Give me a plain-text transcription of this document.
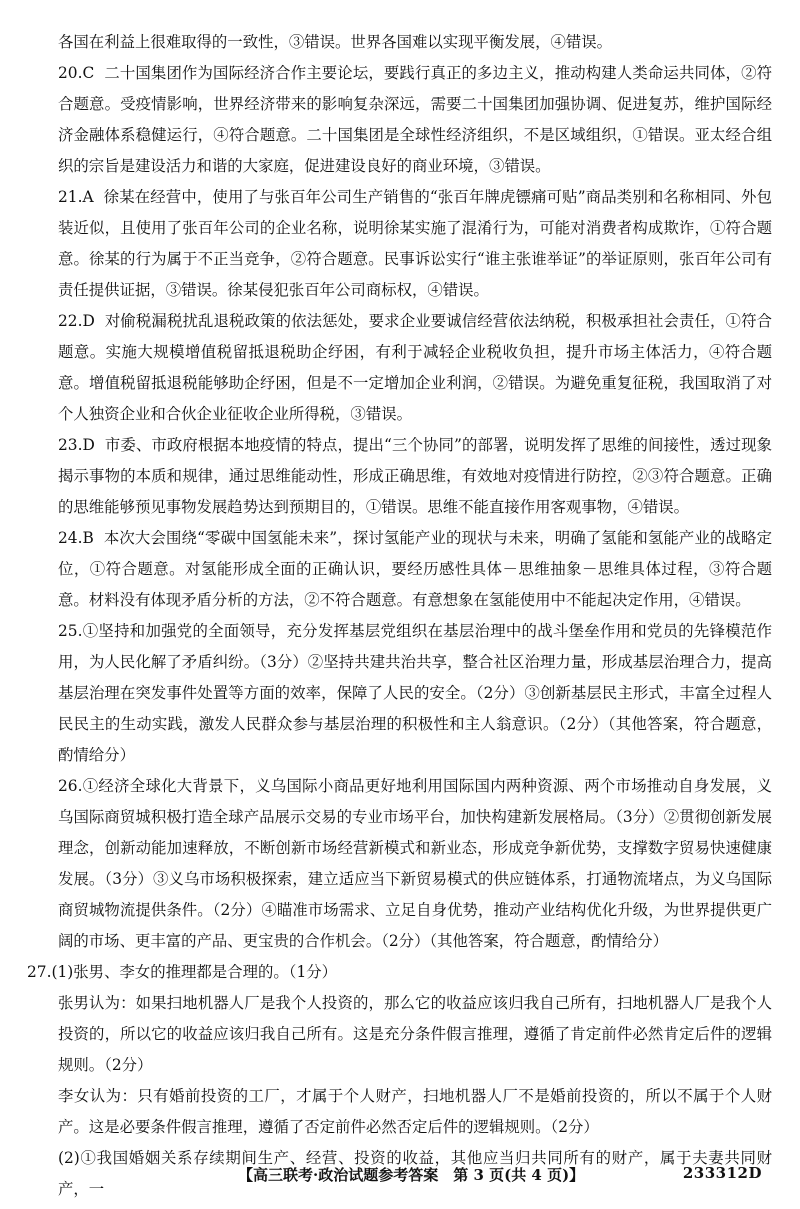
各国在利益上很难取得的一致性，③错误。世界各国难以实现平衡发展，④错误。

20.C 二十国集团作为国际经济合作主要论坛，要践行真正的多边主义，推动构建人类命运共同体，②符合题意。受疫情影响，世界经济带来的影响复杂深远，需要二十国集团加强协调、促进复苏，维护国际经济金融体系稳健运行，④符合题意。二十国集团是全球性经济组织，不是区域组织，①错误。亚太经合组织的宗旨是建设活力和谐的大家庭，促进建设良好的商业环境，③错误。

21.A 徐某在经营中，使用了与张百年公司生产销售的“张百年牌虎镖痛可贴”商品类别和名称相同、外包装近似，且使用了张百年公司的企业名称，说明徐某实施了混淆行为，可能对消费者构成欺诈，①符合题意。徐某的行为属于不正当竞争，②符合题意。民事诉讼实行“谁主张谁举证”的举证原则，张百年公司有责任提供证据，③错误。徐某侵犯张百年公司商标权，④错误。

22.D 对偷税漏税扰乱退税政策的依法惩处，要求企业要诚信经营依法纳税，积极承担社会责任，①符合题意。实施大规模增值税留抵退税助企纾困，有利于减轻企业税收负担，提升市场主体活力，④符合题意。增值税留抵退税能够助企纾困，但是不一定增加企业利润，②错误。为避免重复征税，我国取消了对个人独资企业和合伙企业征收企业所得税，③错误。

23.D 市委、市政府根据本地疫情的特点，提出“三个协同”的部署，说明发挥了思维的间接性，透过现象揭示事物的本质和规律，通过思维能动性，形成正确思维，有效地对疫情进行防控，②③符合题意。正确的思维能够预见事物发展趋势达到预期目的，①错误。思维不能直接作用客观事物，④错误。

24.B 本次大会围绕“零碳中国氢能未来”，探讨氢能产业的现状与未来，明确了氢能和氢能产业的战略定位，①符合题意。对氢能形成全面的正确认识，要经历感性具体－思维抽象－思维具体过程，③符合题意。材料没有体现矛盾分析的方法，②不符合题意。有意想象在氢能使用中不能起决定作用，④错误。

25.①坚持和加强党的全面领导，充分发挥基层党组织在基层治理中的战斗堡垒作用和党员的先锋模范作用，为人民化解了矛盾纠纷。（3分）②坚持共建共治共享，整合社区治理力量，形成基层治理合力，提高基层治理在突发事件处置等方面的效率，保障了人民的安全。（2分）③创新基层民主形式，丰富全过程人民民主的生动实践，激发人民群众参与基层治理的积极性和主人翁意识。（2分）（其他答案，符合题意，酌情给分）

26.①经济全球化大背景下，义乌国际小商品更好地利用国际国内两种资源、两个市场推动自身发展，义乌国际商贸城积极打造全球产品展示交易的专业市场平台，加快构建新发展格局。（3分）②贯彻创新发展理念，创新动能加速释放，不断创新市场经营新模式和新业态，形成竞争新优势，支撑数字贸易快速健康发展。（3分）③义乌市场积极探索，建立适应当下新贸易模式的供应链体系，打通物流堵点，为义乌国际商贸城物流提供条件。（2分）④瞄准市场需求、立足自身优势，推动产业结构优化升级，为世界提供更广阔的市场、更丰富的产品、更宝贵的合作机会。（2分）（其他答案，符合题意，酌情给分）

27.(1)张男、李女的推理都是合理的。（1分）

张男认为：如果扫地机器人厂是我个人投资的，那么它的收益应该归我自己所有，扫地机器人厂是我个人投资的，所以它的收益应该归我自己所有。这是充分条件假言推理，遵循了肯定前件必然肯定后件的逻辑规则。（2分）

李女认为：只有婚前投资的工厂，才属于个人财产，扫地机器人厂不是婚前投资的，所以不属于个人财产。这是必要条件假言推理，遵循了否定前件必然否定后件的逻辑规则。（2分）

(2)①我国婚姻关系存续期间生产、经营、投资的收益，其他应当归共同所有的财产，属于夫妻共同财产，一

【高三联考·政治试题参考答案　第 3 页(共 4 页)】	233312D
